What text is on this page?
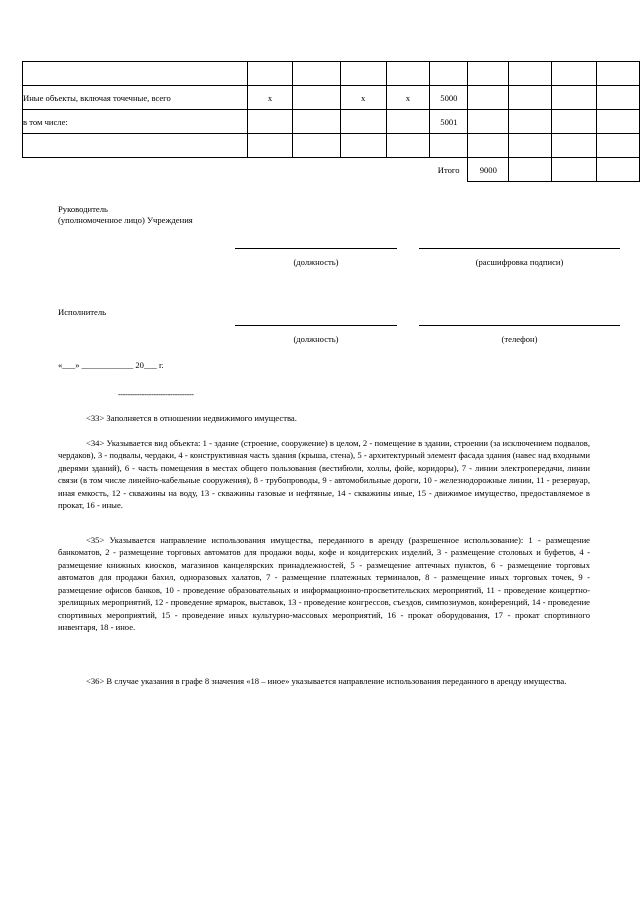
Иные объекты, включая точечные, всего	x		x	x	5000				
в том числе:					5001				

					Итого	9000			
Руководитель
(уполномоченное лицо) Учреждения
(должность)	(расшифровка подписи)
Исполнитель
(должность)	(телефон)
«___» ____________ 20___ г.
--------------------------------
<33> Заполняется в отношении недвижимого имущества.
<34> Указывается вид объекта: 1 - здание (строение, сооружение) в целом, 2 - помещение в здании, строении (за исключением подвалов, чердаков), 3 - подвалы, чердаки, 4 - конструктивная часть здания (крыша, стена), 5 - архитектурный элемент фасада здания (навес над входными дверями зданий), 6 - часть помещения в местах общего пользования (вестибюли, холлы, фойе, коридоры), 7 - линии электропередачи, линии связи (в том числе линейно-кабельные сооружения), 8 - трубопроводы, 9 - автомобильные дороги, 10 - железнодорожные линии, 11 - резервуар, иная емкость, 12 - скважины на воду, 13 - скважины газовые и нефтяные, 14 - скважины иные, 15 - движимое имущество, предоставляемое в прокат, 16 - иные.
<35> Указывается направление использования имущества, переданного в аренду (разрешенное использование): 1 - размещение банкоматов, 2 - размещение торговых автоматов для продажи воды, кофе и кондитерских изделий, 3 - размещение столовых и буфетов, 4 - размещение книжных киосков, магазинов канцелярских принадлежностей, 5 - размещение аптечных пунктов, 6 - размещение торговых автоматов для продажи бахил, одноразовых халатов, 7 - размещение платежных терминалов, 8 - размещение иных торговых точек, 9 - размещение офисов банков, 10 - проведение образовательных и информационно-просветительских мероприятий, 11 - проведение концертно-зрелищных мероприятий, 12 - проведение ярмарок, выставок, 13 - проведение конгрессов, съездов, симпозиумов, конференций, 14 - проведение спортивных мероприятий, 15 - проведение иных культурно-массовых мероприятий, 16 - прокат оборудования, 17 - прокат спортивного инвентаря, 18 - иное.
<36> В случае указания в графе 8 значения «18 – иное» указывается направление использования переданного в аренду имущества.
